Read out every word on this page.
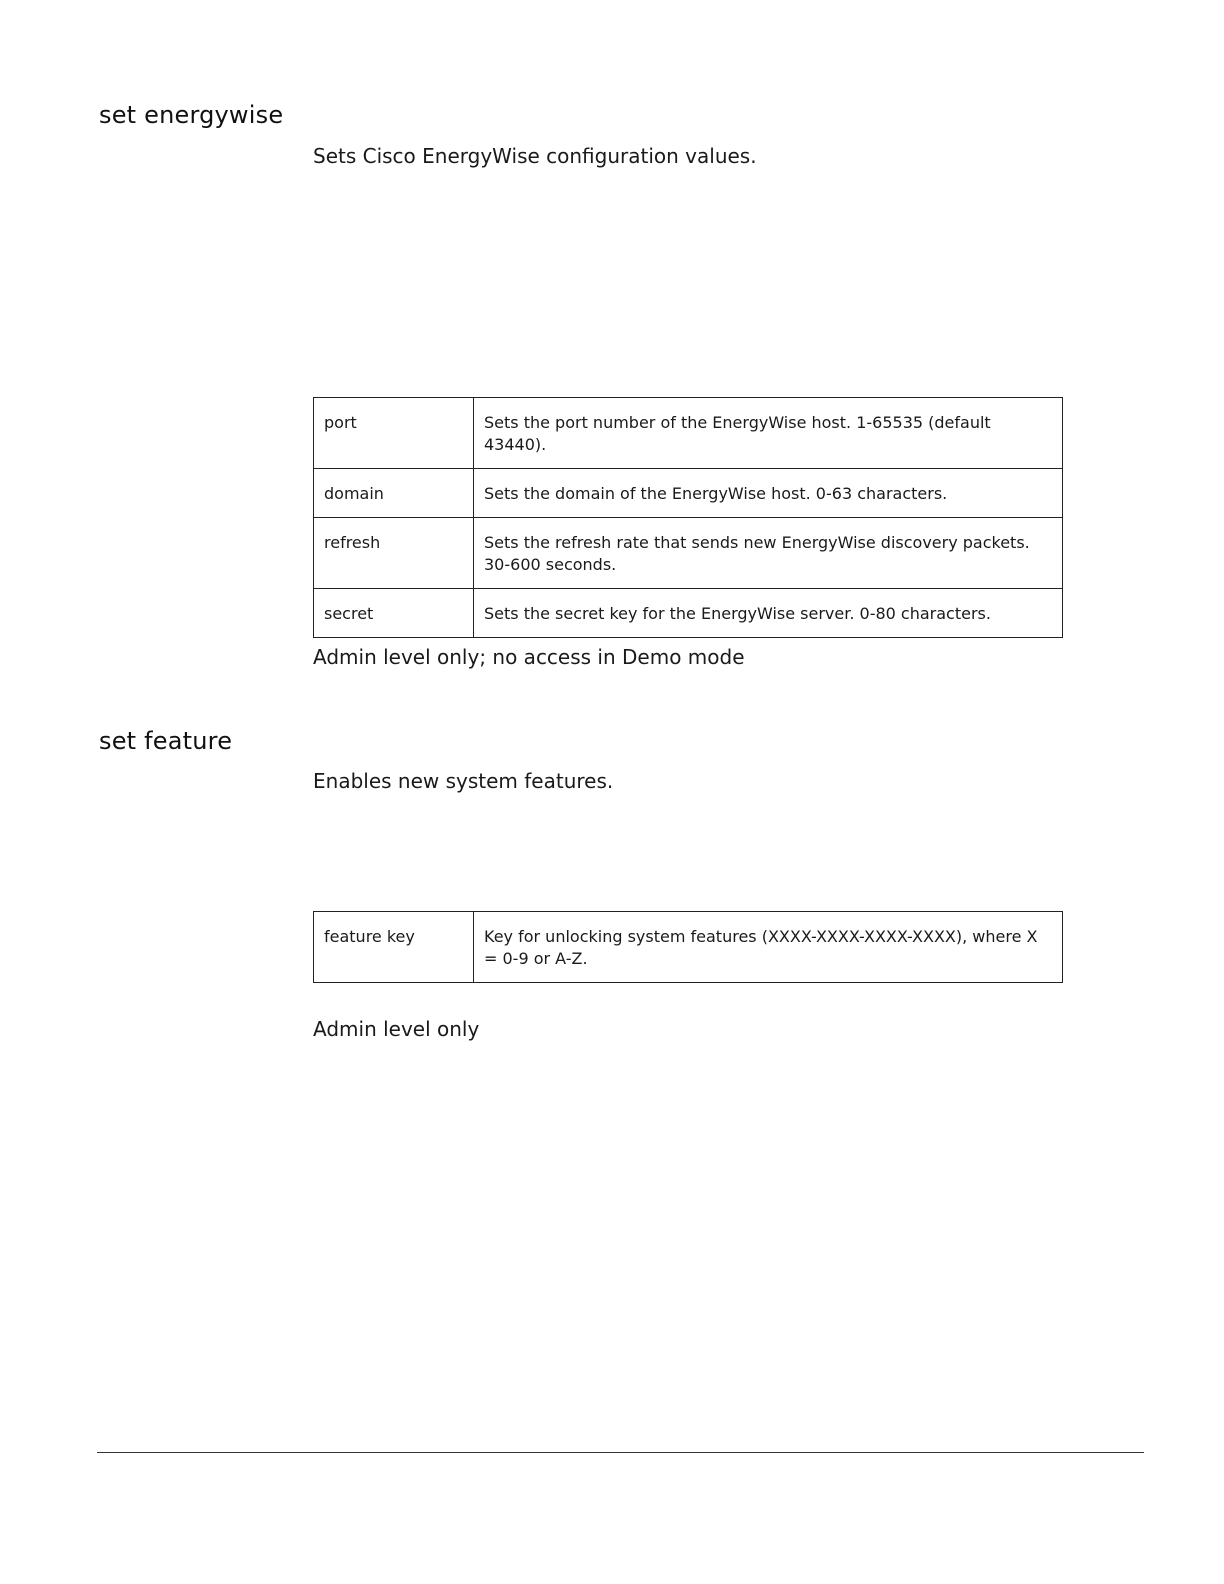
set energywise

Sets Cisco EnergyWise configuration values.

port	Sets the port number of the EnergyWise host. 1-65535 (default 43440).
domain	Sets the domain of the EnergyWise host. 0-63 characters.
refresh	Sets the refresh rate that sends new EnergyWise discovery packets. 30-600 seconds.
secret	Sets the secret key for the EnergyWise server. 0-80 characters.

Admin level only; no access in Demo mode

set feature

Enables new system features.

feature key	Key for unlocking system features (XXXX-XXXX-XXXX-XXXX), where X = 0-9 or A-Z.

Admin level only
